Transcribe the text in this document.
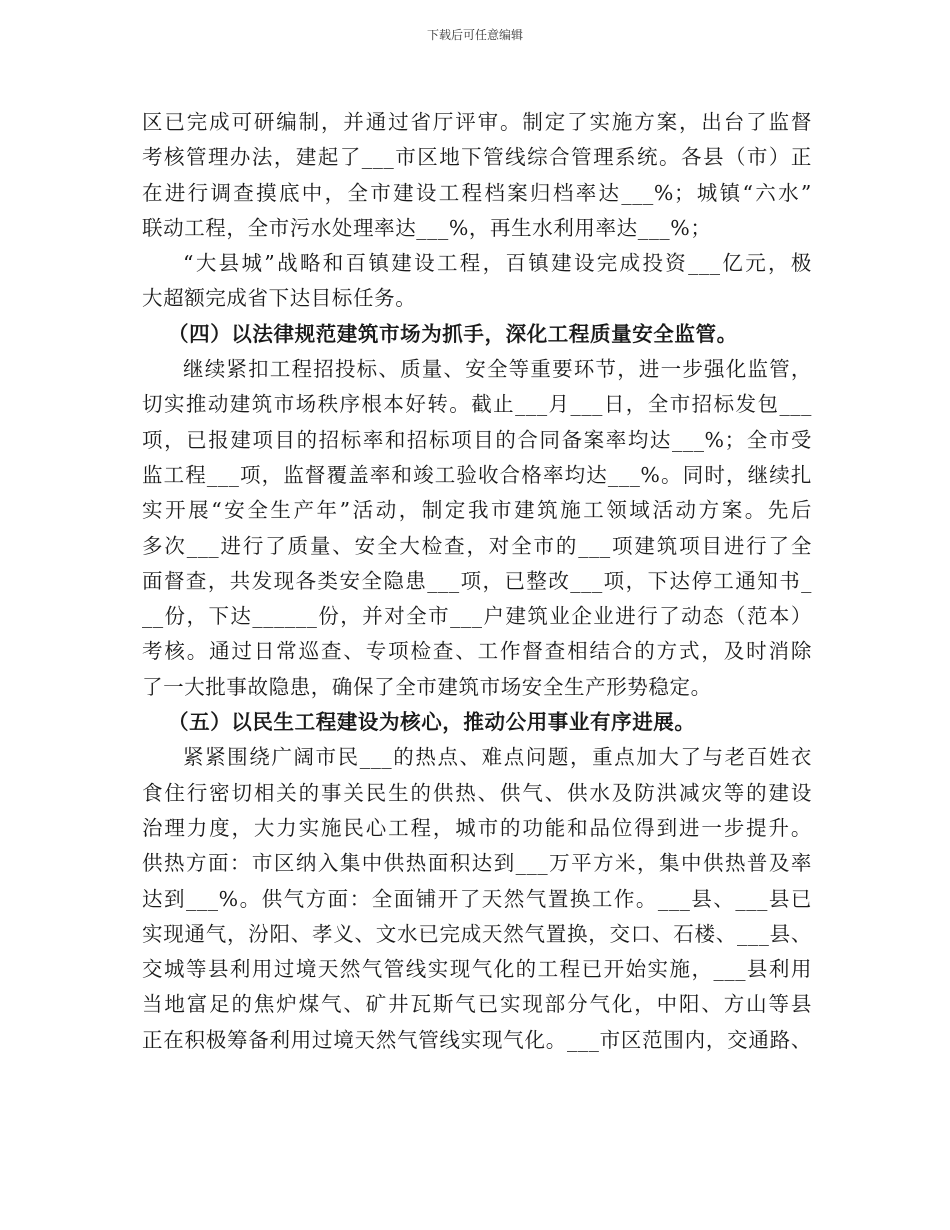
下载后可任意编辑
区已完成可研编制，并通过省厅评审。制定了实施方案，出台了监督
考核管理办法，建起了___市区地下管线综合管理系统。各县（市）正
在进行调查摸底中，全市建设工程档案归档率达___%；城镇“六水”
联动工程，全市污水处理率达___%，再生水利用率达___%；
“大县城”战略和百镇建设工程，百镇建设完成投资___亿元，极
大超额完成省下达目标任务。
（四）以法律规范建筑市场为抓手，深化工程质量安全监管。
继续紧扣工程招投标、质量、安全等重要环节，进一步强化监管，
切实推动建筑市场秩序根本好转。截止___月___日，全市招标发包___
项，已报建项目的招标率和招标项目的合同备案率均达___%；全市受
监工程___项，监督覆盖率和竣工验收合格率均达___%。同时，继续扎
实开展“安全生产年”活动，制定我市建筑施工领域活动方案。先后
多次___进行了质量、安全大检查，对全市的___项建筑项目进行了全
面督查，共发现各类安全隐患___项，已整改___项，下达停工通知书_
__份，下达______份，并对全市___户建筑业企业进行了动态（范本）
考核。通过日常巡查、专项检查、工作督查相结合的方式，及时消除
了一大批事故隐患，确保了全市建筑市场安全生产形势稳定。
（五）以民生工程建设为核心，推动公用事业有序进展。
紧紧围绕广阔市民___的热点、难点问题，重点加大了与老百姓衣
食住行密切相关的事关民生的供热、供气、供水及防洪减灾等的建设
治理力度，大力实施民心工程，城市的功能和品位得到进一步提升。
供热方面：市区纳入集中供热面积达到___万平方米，集中供热普及率
达到___%。供气方面：全面铺开了天然气置换工作。___县、___县已
实现通气，汾阳、孝义、文水已完成天然气置换，交口、石楼、___县、
交城等县利用过境天然气管线实现气化的工程已开始实施，___县利用
当地富足的焦炉煤气、矿井瓦斯气已实现部分气化，中阳、方山等县
正在积极筹备利用过境天然气管线实现气化。___市区范围内，交通路、
